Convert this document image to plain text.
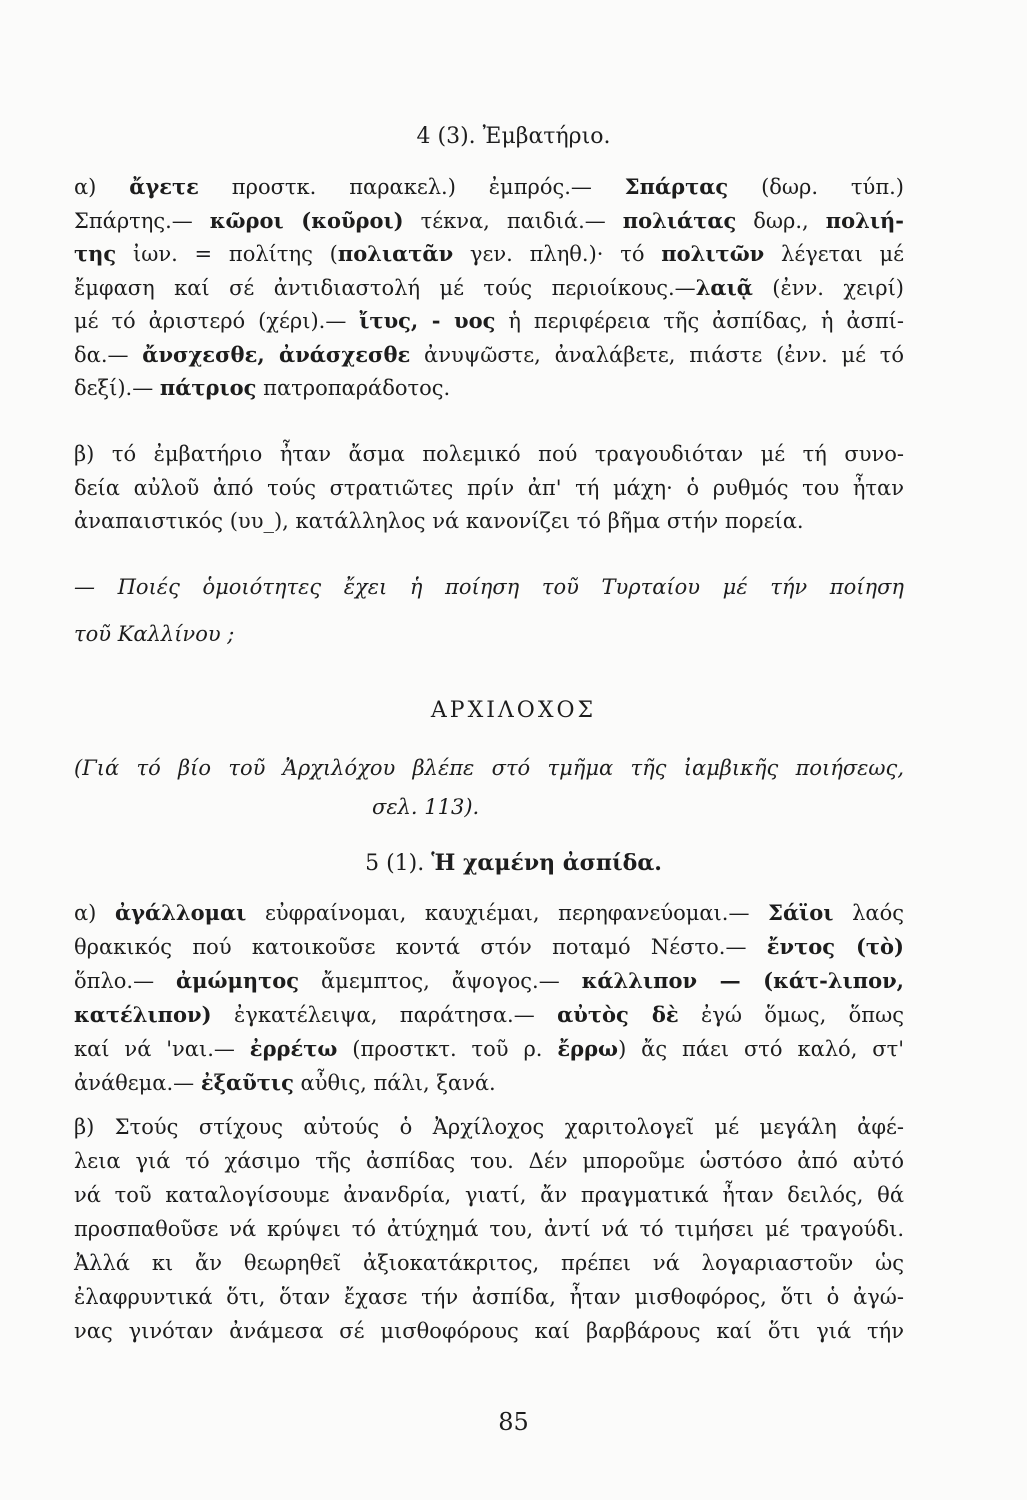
4 (3). Ἐμβατήριο.
α) ἄγετε προστκ. παρακελ.) ἐμπρός.— Σπάρτας (δωρ. τύπ.)
Σπάρτης.— κῶροι (κοῦροι) τέκνα, παιδιά.— πολιάτας δωρ., πολιή-
της ἰων. = πολίτης (πολιατᾶν γεν. πληθ.)· τό πολιτῶν λέγεται μέ
ἔμφαση καί σέ ἀντιδιαστολή μέ τούς περιοίκους.—λαιᾷ (ἐνν. χειρί)
μέ τό ἀριστερό (χέρι).— ἴτυς, - υος ἡ περιφέρεια τῆς ἀσπίδας, ἡ ἀσπί-
δα.— ἄνσχεσθε, ἀνάσχεσθε ἀνυψῶστε, ἀναλάβετε, πιάστε (ἐνν. μέ τό
δεξί).— πάτριος πατροπαράδοτος.
β) τό ἐμβατήριο ἦταν ἄσμα πολεμικό πού τραγουδιόταν μέ τή συνο-
δεία αὐλοῦ ἀπό τούς στρατιῶτες πρίν ἀπ' τή μάχη· ὁ ρυθμός του ἦταν
ἀναπαιστικός (υυ_), κατάλληλος νά κανονίζει τό βῆμα στήν πορεία.
— Ποιές ὁμοιότητες ἔχει ἡ ποίηση τοῦ Τυρταίου μέ τήν ποίηση
τοῦ Καλλίνου ;
ΑΡΧΙΛΟΧΟΣ
(Γιά τό βίο τοῦ Ἀρχιλόχου βλέπε στό τμῆμα τῆς ἰαμβικῆς ποιήσεως,
σελ. 113).
5 (1). Ἡ χαμένη ἀσπίδα.
α) ἀγάλλομαι εὐφραίνομαι, καυχιέμαι, περηφανεύομαι.— Σάϊοι λαός
θρακικός πού κατοικοῦσε κοντά στόν ποταμό Νέστο.— ἔντος (τὸ)
ὅπλο.— ἀμώμητος ἄμεμπτος, ἄψογος.— κάλλιπον — (κάτ-λιπον,
κατέλιπον) ἐγκατέλειψα, παράτησα.— αὐτὸς δὲ ἐγώ ὅμως, ὅπως
καί νά 'ναι.— ἐρρέτω (προστκτ. τοῦ ρ. ἔρρω) ἄς πάει στό καλό, στ'
ἀνάθεμα.— ἐξαῦτις αὖθις, πάλι, ξανά.
β) Στούς στίχους αὐτούς ὁ Ἀρχίλοχος χαριτολογεῖ μέ μεγάλη ἀφέ-
λεια γιά τό χάσιμο τῆς ἀσπίδας του. Δέν μποροῦμε ὡστόσο ἀπό αὐτό
νά τοῦ καταλογίσουμε ἀνανδρία, γιατί, ἄν πραγματικά ἦταν δειλός, θά
προσπαθοῦσε νά κρύψει τό ἀτύχημά του, ἀντί νά τό τιμήσει μέ τραγούδι.
Ἀλλά κι ἄν θεωρηθεῖ ἀξιοκατάκριτος, πρέπει νά λογαριαστοῦν ὡς
ἐλαφρυντικά ὅτι, ὅταν ἔχασε τήν ἀσπίδα, ἦταν μισθοφόρος, ὅτι ὁ ἀγώ-
νας γινόταν ἀνάμεσα σέ μισθοφόρους καί βαρβάρους καί ὅτι γιά τήν
85
